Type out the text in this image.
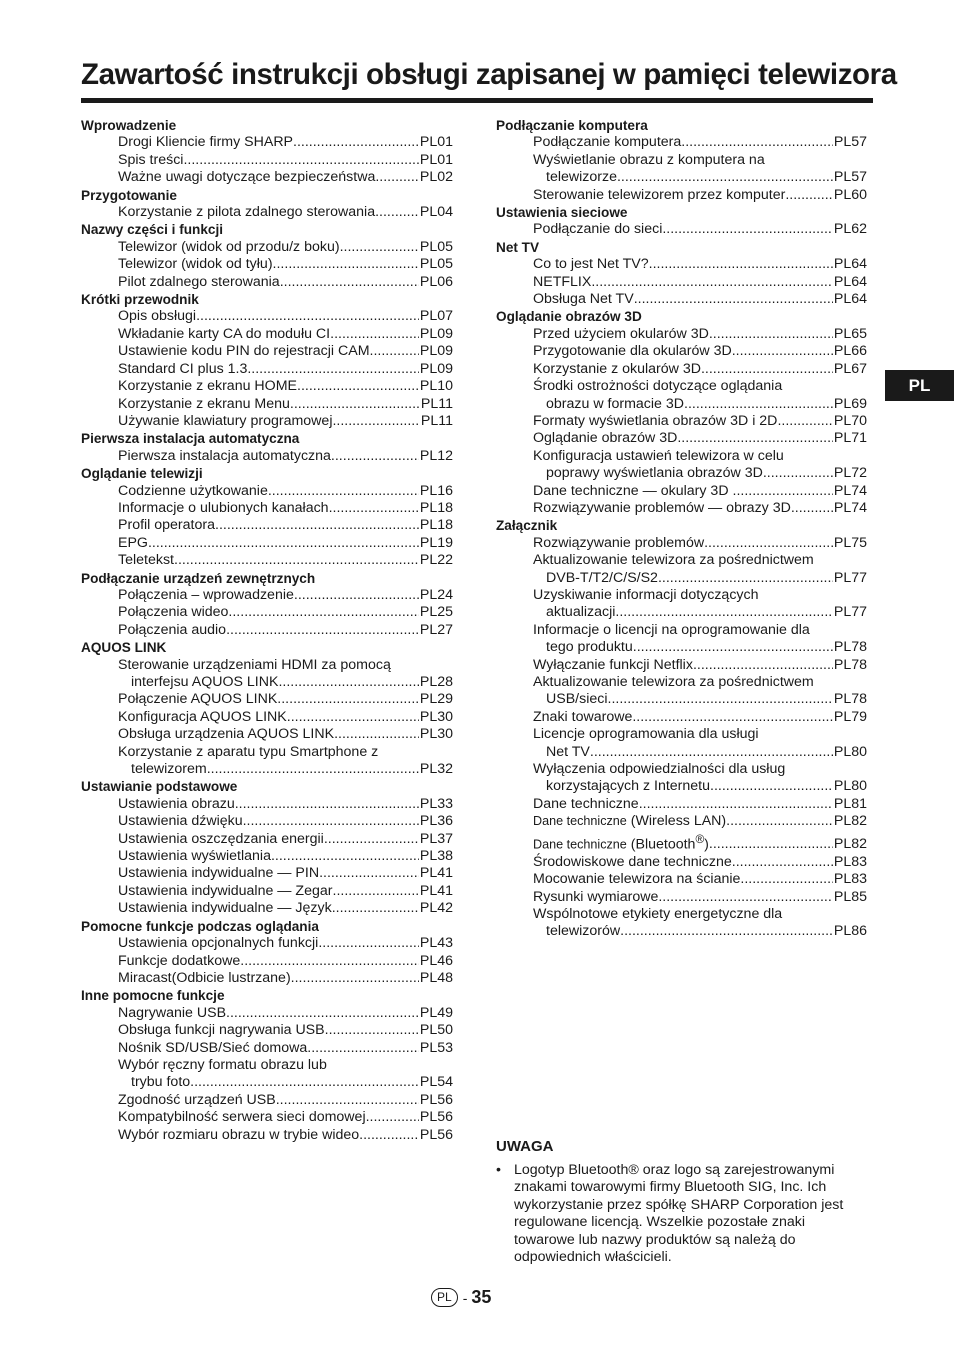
Zawartość instrukcji obsługi zapisanej w pamięci telewizora
Wprowadzenie
Drogi Kliencie firmy SHARP .....	PL01
Spis treści .....	PL01
Ważne uwagi dotyczące bezpieczeństwa .....	PL02
Przygotowanie
Korzystanie z pilota zdalnego sterowania .....	PL04
Nazwy części i funkcji
Telewizor (widok od przodu/z boku) .....	PL05
Telewizor (widok od tyłu) .....	PL05
Pilot zdalnego sterowania .....	PL06
Krótki przewodnik
Opis obsługi .....	PL07
Wkładanie karty CA do modułu CI .....	PL09
Ustawienie kodu PIN do rejestracji CAM .....	PL09
Standard CI plus 1.3 .....	PL09
Korzystanie z ekranu HOME .....	PL10
Korzystanie z ekranu Menu .....	PL11
Używanie klawiatury programowej .....	PL11
Pierwsza instalacja automatyczna
Pierwsza instalacja automatyczna .....	PL12
Oglądanie telewizji
Codzienne użytkowanie .....	PL16
Informacje o ulubionych kanałach .....	PL18
Profil operatora .....	PL18
EPG .....	PL19
Teletekst .....	PL22
Podłączanie urządzeń zewnętrznych
Połączenia – wprowadzenie .....	PL24
Połączenia wideo .....	PL25
Połączenia audio .....	PL27
AQUOS LINK
Sterowanie urządzeniami HDMI za pomocą
interfejsu AQUOS LINK .....	PL28
Połączenie AQUOS LINK .....	PL29
Konfiguracja AQUOS LINK .....	PL30
Obsługa urządzenia AQUOS LINK .....	PL30
Korzystanie z aparatu typu Smartphone z
telewizorem .....	PL32
Ustawianie podstawowe
Ustawienia obrazu .....	PL33
Ustawienia dźwięku .....	PL36
Ustawienia oszczędzania energii .....	PL37
Ustawienia wyświetlania .....	PL38
Ustawienia indywidualne — PIN .....	PL41
Ustawienia indywidualne — Zegar .....	PL41
Ustawienia indywidualne — Język .....	PL42
Pomocne funkcje podczas oglądania
Ustawienia opcjonalnych funkcji .....	PL43
Funkcje dodatkowe .....	PL46
Miracast(Odbicie lustrzane) .....	PL48
Inne pomocne funkcje
Nagrywanie USB .....	PL49
Obsługa funkcji nagrywania USB .....	PL50
Nośnik SD/USB/Sieć domowa .....	PL53
Wybór ręczny formatu obrazu lub
trybu foto .....	PL54
Zgodność urządzeń USB .....	PL56
Kompatybilność serwera sieci domowej .....	PL56
Wybór rozmiaru obrazu w trybie wideo .....	PL56
Podłączanie komputera
Podłączanie komputera .....	PL57
Wyświetlanie obrazu z komputera na
telewizorze .....	PL57
Sterowanie telewizorem przez komputer .....	PL60
Ustawienia sieciowe
Podłączanie do sieci .....	PL62
Net TV
Co to jest Net TV? .....	PL64
NETFLIX .....	PL64
Obsługa Net TV .....	PL64
Oglądanie obrazów 3D
Przed użyciem okularów 3D .....	PL65
Przygotowanie dla okularów 3D .....	PL66
Korzystanie z okularów 3D .....	PL67
Środki ostrożności dotyczące oglądania
obrazu w formacie 3D .....	PL69
Formaty wyświetlania obrazów 3D i 2D .....	PL70
Oglądanie obrazów 3D .....	PL71
Konfiguracja ustawień telewizora w celu
poprawy wyświetlania obrazów 3D .....	PL72
Dane techniczne — okulary 3D ... .....	PL74
Rozwiązywanie problemów — obrazy 3D .....	PL74
Załącznik
Rozwiązywanie problemów .....	PL75
Aktualizowanie telewizora za pośrednictwem
DVB-T/T2/C/S/S2 .....	PL77
Uzyskiwanie informacji dotyczących
aktualizacji .....	PL77
Informacje o licencji na oprogramowanie dla
tego produktu .....	PL78
Wyłączanie funkcji Netflix .....	PL78
Aktualizowanie telewizora za pośrednictwem
USB/sieci .....	PL78
Znaki towarowe .....	PL79
Licencje oprogramowania dla usługi
Net TV .....	PL80
Wyłączenia odpowiedzialności dla usług
korzystających z Internetu .....	PL80
Dane techniczne .....	PL81
Dane techniczne (Wireless LAN) .....	PL82
Dane techniczne (Bluetooth®) .....	PL82
Środowiskowe dane techniczne .....	PL83
Mocowanie telewizora na ścianie .....	PL83
Rysunki wymiarowe .....	PL85
Wspólnotowe etykiety energetyczne dla
telewizorów .....	PL86
PL
UWAGA
• Logotyp Bluetooth® oraz logo są zarejestrowanymi znakami towarowymi firmy Bluetooth SIG, Inc. Ich wykorzystanie przez spółkę SHARP Corporation jest regulowane licencją. Wszelkie pozostałe znaki towarowe lub nazwy produktów są należą do odpowiednich właścicieli.
PL - 35
